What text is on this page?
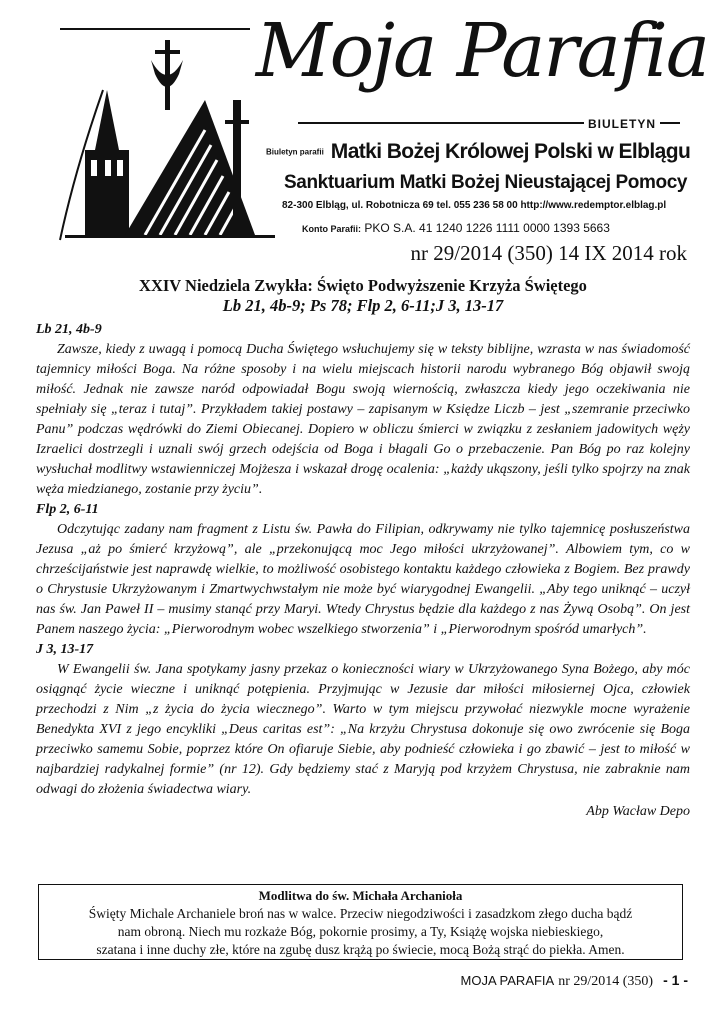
Moja Parafia
BIULETYN
Biuletyn parafii Matki Bożej Królowej Polski w Elblągu
Sanktuarium Matki Bożej Nieustającej Pomocy
82-300 Elbląg, ul. Robotnicza 69 tel. 055 236 58 00 http://www.redemptor.elblag.pl
Konto Parafii: PKO S.A. 41 1240 1226 1111 0000 1393 5663
nr 29/2014 (350) 14 IX 2014 rok
XXIV Niedziela Zwykła: Święto Podwyższenie Krzyża Świętego
Lb 21, 4b-9; Ps 78; Flp 2, 6-11;J 3, 13-17
Lb 21, 4b-9

Zawsze, kiedy z uwagą i pomocą Ducha Świętego wsłuchujemy się w teksty biblijne, wzrasta w nas świadomość tajemnicy miłości Boga. Na różne sposoby i na wielu miejscach historii narodu wybranego Bóg objawił swoją miłość. Jednak nie zawsze naród odpowiadał Bogu swoją wiernością, zwłaszcza kiedy jego oczekiwania nie spełniały się „teraz i tutaj”. Przykładem takiej postawy – zapisanym w Księdze Liczb – jest „szemranie przeciwko Panu” podczas wędrówki do Ziemi Obiecanej. Dopiero w obliczu śmierci w związku z zesłaniem jadowitych węży Izraelici dostrzegli i uznali swój grzech odejścia od Boga i błagali Go o przebaczenie. Pan Bóg po raz kolejny wysłuchał modlitwy wstawienniczej Mojżesza i wskazał drogę ocalenia: „każdy ukąszony, jeśli tylko spojrzy na znak węża miedzianego, zostanie przy życiu”.

Flp 2, 6-11

Odczytując zadany nam fragment z Listu św. Pawła do Filipian, odkrywamy nie tylko tajemnicę posłuszeństwa Jezusa „aż po śmierć krzyżową”, ale „przekonującą moc Jego miłości ukrzyżowanej”. Albowiem tym, co w chrześcijaństwie jest naprawdę wielkie, to możliwość osobistego kontaktu każdego człowieka z Bogiem. Bez prawdy o Chrystusie Ukrzyżowanym i Zmartwychwstałym nie może być wiarygodnej Ewangelii. „Aby tego uniknąć – uczył nas św. Jan Paweł II – musimy stanąć przy Maryi. Wtedy Chrystus będzie dla każdego z nas Żywą Osobą”. On jest Panem naszego życia: „Pierworodnym wobec wszelkiego stworzenia” i „Pierworodnym spośród umarłych”.

J 3, 13-17

W Ewangelii św. Jana spotykamy jasny przekaz o konieczności wiary w Ukrzyżowanego Syna Bożego, aby móc osiągnąć życie wieczne i uniknąć potępienia. Przyjmując w Jezusie dar miłości miłosiernej Ojca, człowiek przechodzi z Nim „z życia do życia wiecznego”. Warto w tym miejscu przywołać niezwykle mocne wyrażenie Benedykta XVI z jego encykliki „Deus caritas est”: „Na krzyżu Chrystusa dokonuje się owo zwrócenie się Boga przeciwko samemu Sobie, poprzez które On ofiaruje Siebie, aby podnieść człowieka i go zbawić – jest to miłość w najbardziej radykalnej formie” (nr 12). Gdy będziemy stać z Maryją pod krzyżem Chrystusa, nie zabraknie nam odwagi do złożenia świadectwa wiary.

Abp Wacław Depo
Modlitwa do św. Michała Archanioła
Święty Michale Archaniele broń nas w walce. Przeciw niegodziwości i zasadzkom złego ducha bądź
nam obroną. Niech mu rozkaże Bóg, pokornie prosimy, a Ty, Książę wojska niebieskiego,
szatana i inne duchy złe, które na zgubę dusz krążą po świecie, mocą Bożą strąć do piekła. Amen.
MOJA PARAFIA nr 29/2014 (350) - 1 -
